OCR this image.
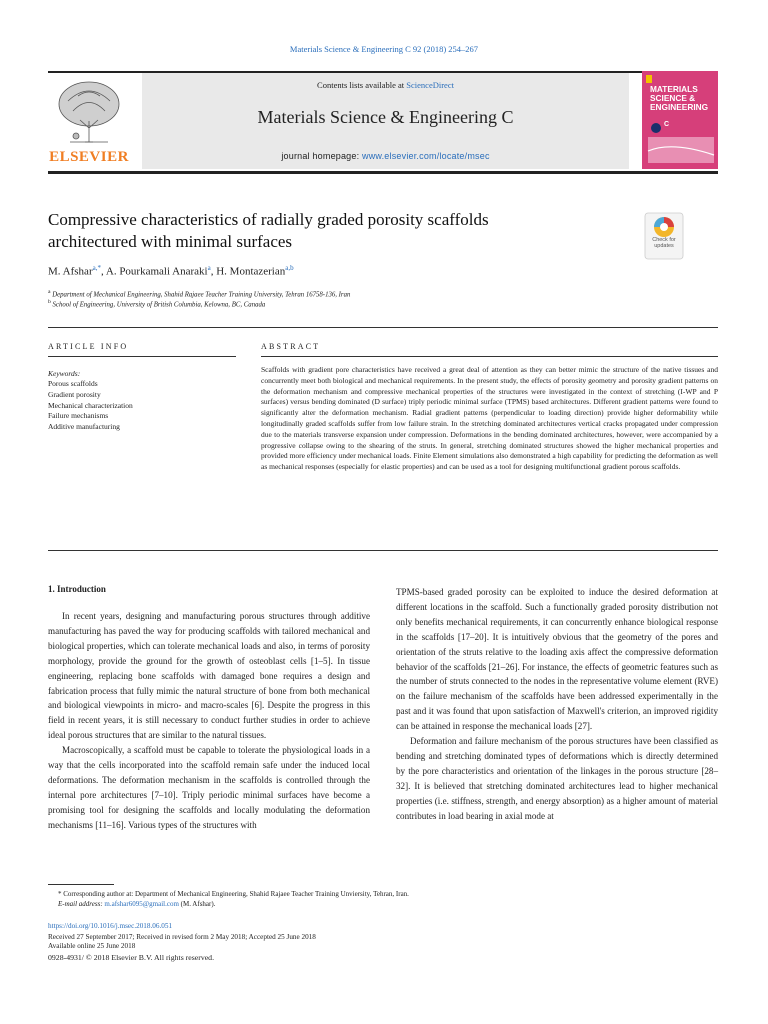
Materials Science & Engineering C 92 (2018) 254–267
ELSEVIER
Contents lists available at ScienceDirect
Materials Science & Engineering C
journal homepage: www.elsevier.com/locate/msec
MATERIALS SCIENCE & ENGINEERING
C
Compressive characteristics of radially graded porosity scaffolds
architectured with minimal surfaces	Check for updates
M. Afshar$^{a,*}$, A. Pourkamali Anaraki$^a$, H. Montazerian$^{a,b}$
$^a$ Department of Mechanical Engineering, Shahid Rajaee Teacher Training University, Tehran 16758-136, Iran
$^b$ School of Engineering, University of British Columbia, Kelowna, BC, Canada
ARTICLE INFO	ABSTRACT
Keywords:
Porous scaffolds
Gradient porosity
Mechanical characterization
Failure mechanisms
Additive manufacturing
Scaffolds with gradient pore characteristics have received a great deal of attention as they can better mimic the structure of the native tissues and concurrently meet both biological and mechanical requirements. In the present study, the effects of porosity geometry and porosity gradient patterns on the deformation mechanism and compressive mechanical properties of the structures were investigated in the context of stretching (I-WP and P surfaces) versus bending dominated (D surface) triply periodic minimal surface (TPMS) based architectures. Different gradient patterns were found to significantly alter the deformation mechanism. Radial gradient patterns (perpendicular to loading direction) provide higher deformability while longitudinally graded scaffolds suffer from low failure strain. In the stretching dominated architectures vertical cracks propagated under compression due to the materials transverse expansion under compression. Deformations in the bending dominated architectures, however, were accompanied by a progressive collapse owing to the shearing of the struts. In general, stretching dominated structures showed the higher mechanical properties and provided more efficiency under mechanical loads. Finite Element simulations also demonstrated a high capability for predicting the deformation as well as mechanical responses (especially for elastic properties) and can be used as a tool for designing multifunctional gradient porous scaffolds.
1. Introduction

In recent years, designing and manufacturing porous structures through additive manufacturing has paved the way for producing scaffolds with tailored mechanical and biological properties, which can tolerate mechanical loads and also, in terms of porosity morphology, provide the ground for the growth of osteoblast cells [1–5]. In tissue engineering, replacing bone scaffolds with damaged bone requires a design and fabrication process that fully mimic the natural structure of bone from both mechanical and biological viewpoints in micro- and macro-scales [6]. Despite the progress in this field in recent years, it is still necessary to conduct further studies in order to achieve ideal porous structures that are similar to the natural tissues.

Macroscopically, a scaffold must be capable to tolerate the physiological loads in a way that the cells incorporated into the scaffold remain safe under the induced local deformations. The deformation mechanism in the scaffolds is controlled through the internal pore architectures [7–10]. Triply periodic minimal surfaces have become a promising tool for designing the scaffolds and locally modulating the deformation mechanisms [11–16]. Various types of the structures with

TPMS-based graded porosity can be exploited to induce the desired deformation at different locations in the scaffold. Such a functionally graded porosity distribution not only benefits mechanical requirements, it can concurrently enhance biological response in the scaffolds [17–20]. It is intuitively obvious that the geometry of the pores and orientation of the struts relative to the loading axis affect the compressive deformation behavior of the scaffolds [21–26]. For instance, the effects of geometric features such as the number of struts connected to the nodes in the representative volume element (RVE) on the failure mechanism of the scaffolds have been addressed experimentally in the past and it was found that upon satisfaction of Maxwell's criterion, an improved rigidity can be attained in response the mechanical loads [27].

Deformation and failure mechanism of the porous structures have been classified as bending and stretching dominated types of deformations which is directly determined by the pore characteristics and orientation of the linkages in the porous structure [28–32]. It is believed that stretching dominated architectures lead to higher mechanical properties (i.e. stiffness, strength, and energy absorption) as a higher amount of material contributes in load bearing in axial mode at

* Corresponding author at: Department of Mechanical Engineering, Shahid Rajaee Teacher Training Unviersity, Tehran, Iran.
E-mail address: m.afshar6095@gmail.com (M. Afshar).
https://doi.org/10.1016/j.msec.2018.06.051
Received 27 September 2017; Received in revised form 2 May 2018; Accepted 25 June 2018
Available online 25 June 2018
0928-4931/ © 2018 Elsevier B.V. All rights reserved.
